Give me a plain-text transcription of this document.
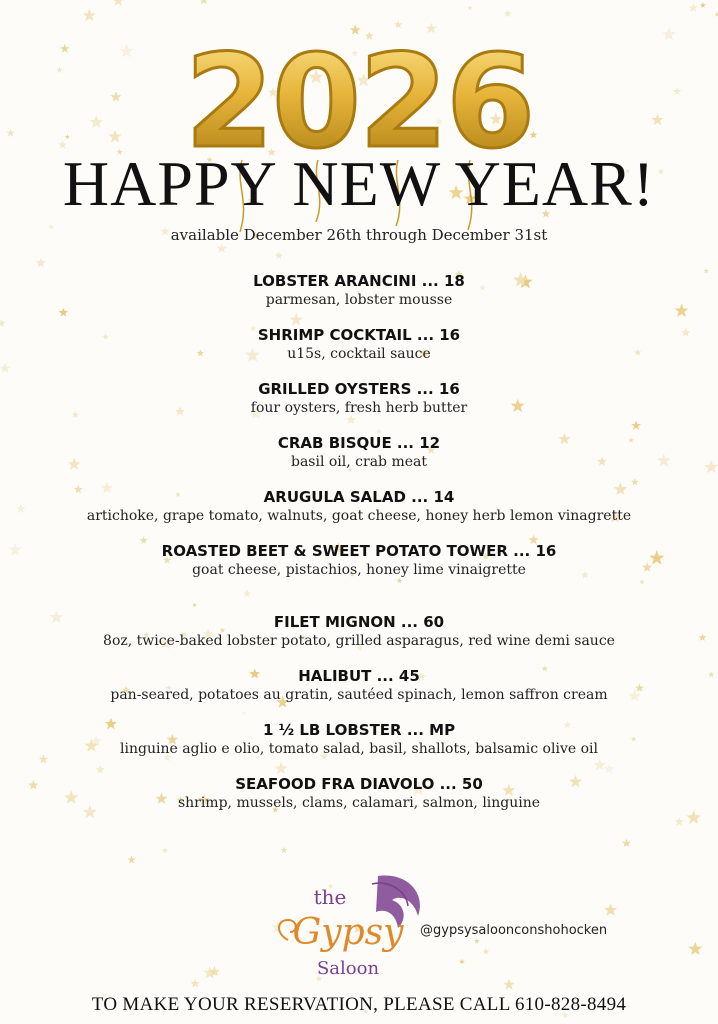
2026
HAPPY NEW YEAR!
available December 26th through December 31st
LOBSTER ARANCINI ... 18
parmesan, lobster mousse
SHRIMP COCKTAIL ... 16
u15s, cocktail sauce
GRILLED OYSTERS ... 16
four oysters, fresh herb butter
CRAB BISQUE ... 12
basil oil, crab meat
ARUGULA SALAD ... 14
artichoke, grape tomato, walnuts, goat cheese, honey herb lemon vinagrette
ROASTED BEET & SWEET POTATO TOWER ... 16
goat cheese, pistachios, honey lime vinaigrette
FILET MIGNON ... 60
8oz, twice-baked lobster potato, grilled asparagus, red wine demi sauce
HALIBUT ... 45
pan-seared, potatoes au gratin, sautéed spinach, lemon saffron cream
1 ½ LB LOBSTER ... MP
linguine aglio e olio, tomato salad, basil, shallots, balsamic olive oil
SEAFOOD FRA DIAVOLO ... 50
shrimp, mussels, clams, calamari, salmon, linguine
the
Gypsy
Saloon
@gypsysaloonconshohocken
TO MAKE YOUR RESERVATION, PLEASE CALL 610-828-8494
